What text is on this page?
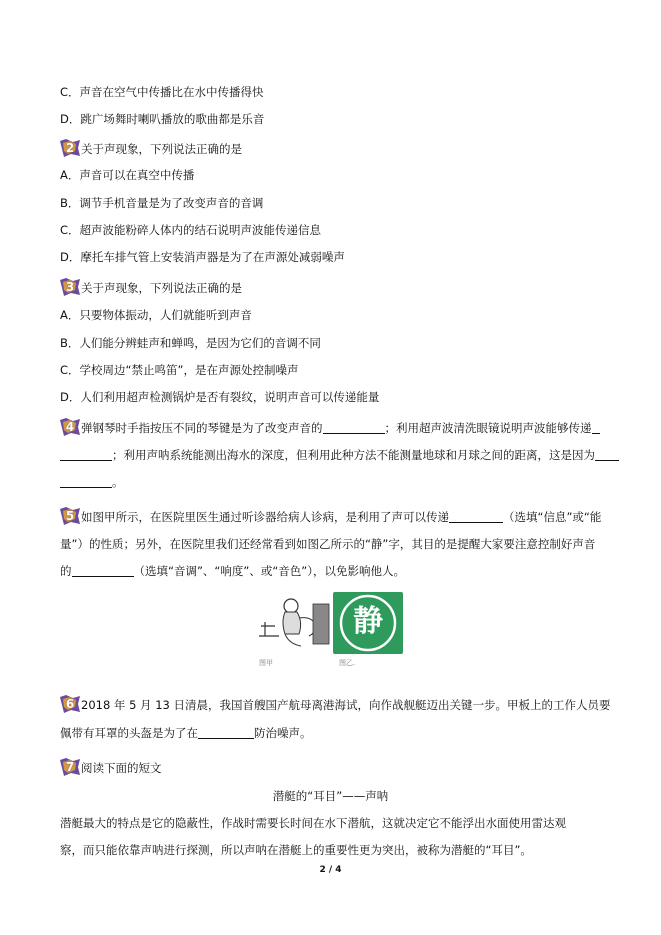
C．声音在空气中传播比在水中传播得快
D．跳广场舞时喇叭播放的歌曲都是乐音
2 关于声现象，下列说法正确的是
A．声音可以在真空中传播
B．调节手机音量是为了改变声音的音调
C．超声波能粉碎人体内的结石说明声波能传递信息
D．摩托车排气管上安装消声器是为了在声源处减弱噪声
3 关于声现象，下列说法正确的是
A．只要物体振动，人们就能听到声音
B．人们能分辨蛙声和蝉鸣，是因为它们的音调不同
C．学校周边“禁止鸣笛”，是在声源处控制噪声
D．人们利用超声检测锅炉是否有裂纹，说明声音可以传递能量
4 弹钢琴时手指按压不同的琴键是为了改变声音的	；利用超声波清洗眼镜说明声波能够传递
；利用声呐系统能测出海水的深度，但利用此种方法不能测量地球和月球之间的距离，这是因为
。
5 如图甲所示，在医院里医生通过听诊器给病人诊病，是利用了声可以传递	（选填“信息”或“能
量”）的性质；另外，在医院里我们还经常看到如图乙所示的“静”字，其目的是提醒大家要注意控制好声音
的	（选填“音调”、“响度”、或“音色”），以免影响他人。
静
图甲	图乙.
6 2018 年 5 月 13 日清晨，我国首艘国产航母离港海试，向作战舰艇迈出关键一步。甲板上的工作人员要
佩带有耳罩的头盔是为了在	防治噪声。
7 阅读下面的短文
潜艇的“耳目”——声呐
潜艇最大的特点是它的隐蔽性，作战时需要长时间在水下潜航，这就决定它不能浮出水面使用雷达观
察，而只能依靠声呐进行探测，所以声呐在潜艇上的重要性更为突出，被称为潜艇的“耳目”。
2 / 4
